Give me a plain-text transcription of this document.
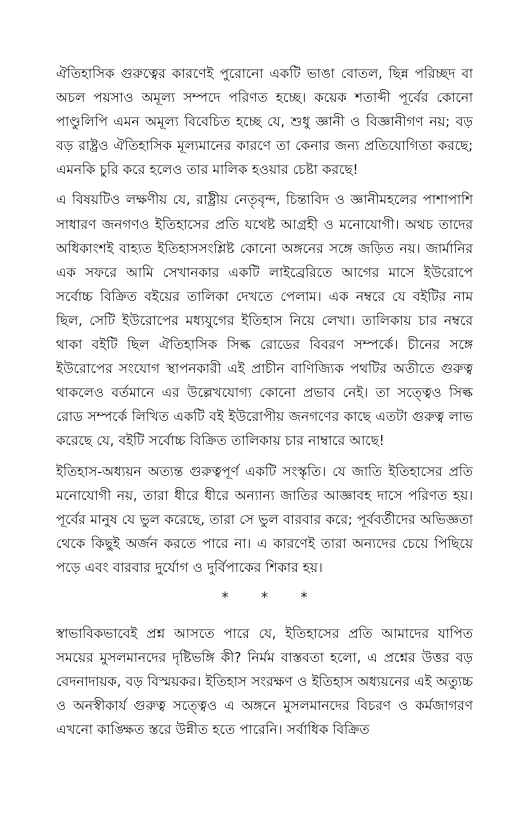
ঐতিহাসিক গুরুত্বের কারণেই পুরোনো একটি ভাঙা বোতল, ছিন্ন পরিচ্ছদ বা অচল পয়সাও অমূল্য সম্পদে পরিণত হচ্ছে। কয়েক শতাব্দী পূর্বের কোনো পাণ্ডুলিপি এমন অমূল্য বিবেচিত হচ্ছে যে, শুধু জ্ঞানী ও বিজ্ঞানীগণ নয়; বড় বড় রাষ্ট্রও ঐতিহাসিক মূল্যমানের কারণে তা কেনার জন্য প্রতিযোগিতা করছে; এমনকি চুরি করে হলেও তার মালিক হওয়ার চেষ্টা করছে!

এ বিষয়টিও লক্ষণীয় যে, রাষ্ট্রীয় নেতৃবৃন্দ, চিন্তাবিদ ও জ্ঞানীমহলের পাশাপাশি সাধারণ জনগণও ইতিহাসের প্রতি যথেষ্ট আগ্রহী ও মনোযোগী। অথচ তাদের অধিকাংশই বাহ্যত ইতিহাসসংশ্লিষ্ট কোনো অঙ্গনের সঙ্গে জড়িত নয়। জার্মানির এক সফরে আমি সেখানকার একটি লাইব্রেরিতে আগের মাসে ইউরোপে সর্বোচ্চ বিক্রিত বইয়ের তালিকা দেখতে পেলাম। এক নম্বরে যে বইটির নাম ছিল, সেটি ইউরোপের মধ্যযুগের ইতিহাস নিয়ে লেখা। তালিকায় চার নম্বরে থাকা বইটি ছিল ঐতিহাসিক সিল্ক রোডের বিবরণ সম্পর্কে। চীনের সঙ্গে ইউরোপের সংযোগ স্থাপনকারী এই প্রাচীন বাণিজ্যিক পথটির অতীতে গুরুত্ব থাকলেও বর্তমানে এর উল্লেখযোগ্য কোনো প্রভাব নেই। তা সত্ত্বেও সিল্ক রোড সম্পর্কে লিখিত একটি বই ইউরোপীয় জনগণের কাছে এতটা গুরুত্ব লাভ করেছে যে, বইটি সর্বোচ্চ বিক্রিত তালিকায় চার নাম্বারে আছে!

ইতিহাস-অধ্যয়ন অত্যন্ত গুরুত্বপূর্ণ একটি সংস্কৃতি। যে জাতি ইতিহাসের প্রতি মনোযোগী নয়, তারা ধীরে ধীরে অন্যান্য জাতির আজ্ঞাবহ দাসে পরিণত হয়। পূর্বের মানুষ যে ভুল করেছে, তারা সে ভুল বারবার করে; পূর্ববর্তীদের অভিজ্ঞতা থেকে কিছুই অর্জন করতে পারে না। এ কারণেই তারা অন্যদের চেয়ে পিছিয়ে পড়ে এবং বারবার দুর্যোগ ও দুর্বিপাকের শিকার হয়।

* * *

স্বাভাবিকভাবেই প্রশ্ন আসতে পারে যে, ইতিহাসের প্রতি আমাদের যাপিত সময়ের মুসলমানদের দৃষ্টিভঙ্গি কী? নির্মম বাস্তবতা হলো, এ প্রশ্নের উত্তর বড় বেদনাদায়ক, বড় বিস্ময়কর। ইতিহাস সংরক্ষণ ও ইতিহাস অধ্যয়নের এই অত্যুচ্চ ও অনস্বীকার্য গুরুত্ব সত্ত্বেও এ অঙ্গনে মুসলমানদের বিচরণ ও কর্মজাগরণ এখনো কাঙ্ক্ষিত স্তরে উন্নীত হতে পারেনি। সর্বাধিক বিক্রিত
